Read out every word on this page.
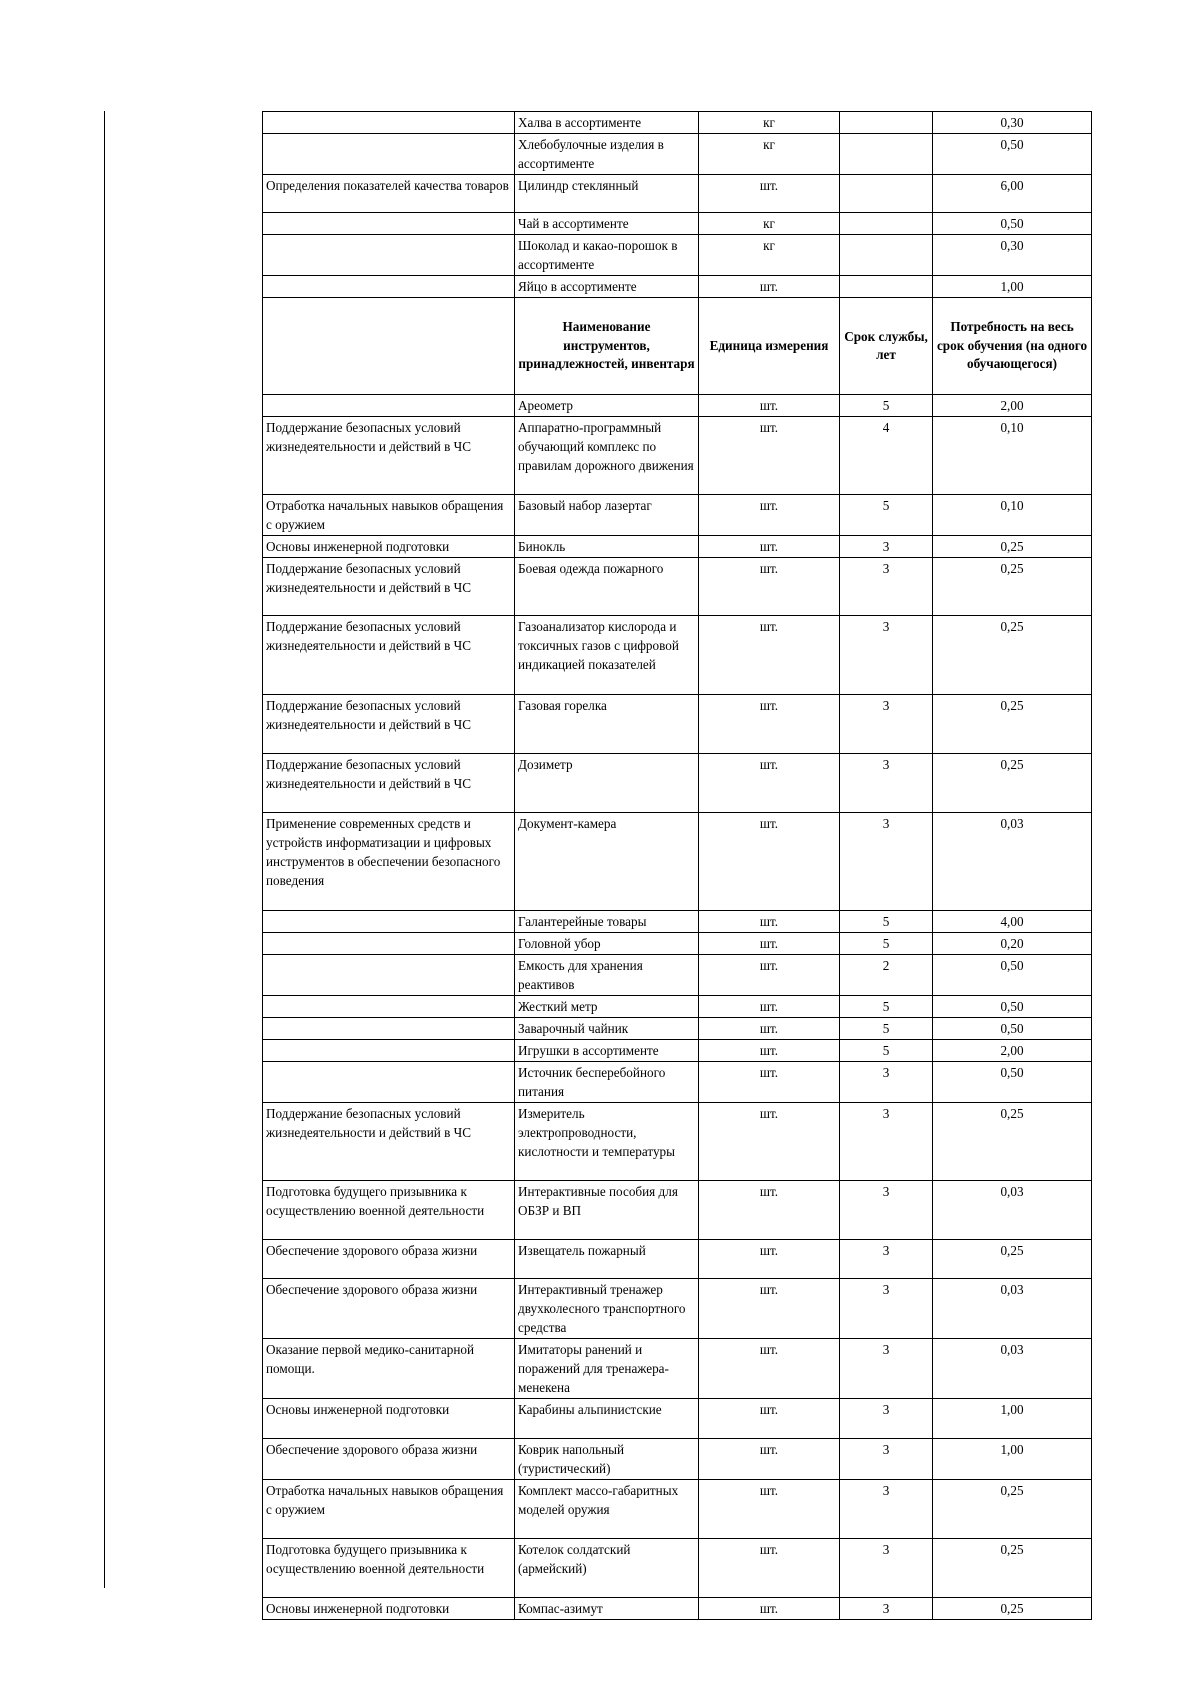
	Халва в ассортименте	кг		0,30
	Хлебобулочные изделия в ассортименте	кг		0,50
Определения показателей качества товаров	Цилиндр стеклянный	шт.		6,00
	Чай в ассортименте	кг		0,50
	Шоколад и какао-порошок в ассортименте	кг		0,30
	Яйцо в ассортименте	шт.		1,00
	Наименование инструментов, принадлежностей, инвентаря	Единица измерения	Срок службы, лет	Потребность на весь срок обучения (на одного обучающегося)
	Ареометр	шт.	5	2,00
Поддержание безопасных условий жизнедеятельности и действий в ЧС	Аппаратно-программный обучающий комплекс по правилам дорожного движения	шт.	4	0,10
Отработка начальных навыков обращения с оружием	Базовый набор лазертаг	шт.	5	0,10
Основы инженерной подготовки	Бинокль	шт.	3	0,25
Поддержание безопасных условий жизнедеятельности и действий в ЧС	Боевая одежда пожарного	шт.	3	0,25
Поддержание безопасных условий жизнедеятельности и действий в ЧС	Газоанализатор кислорода и токсичных газов с цифровой индикацией показателей	шт.	3	0,25
Поддержание безопасных условий жизнедеятельности и действий в ЧС	Газовая горелка	шт.	3	0,25
Поддержание безопасных условий жизнедеятельности и действий в ЧС	Дозиметр	шт.	3	0,25
Применение современных средств и устройств информатизации и цифровых инструментов в обеспечении безопасного поведения	Документ-камера	шт.	3	0,03
	Галантерейные товары	шт.	5	4,00
	Головной убор	шт.	5	0,20
	Емкость для хранения реактивов	шт.	2	0,50
	Жесткий метр	шт.	5	0,50
	Заварочный чайник	шт.	5	0,50
	Игрушки в ассортименте	шт.	5	2,00
	Источник бесперебойного питания	шт.	3	0,50
Поддержание безопасных условий жизнедеятельности и действий в ЧС	Измеритель электропроводности, кислотности и температуры	шт.	3	0,25
Подготовка будущего призывника к осуществлению военной деятельности	Интерактивные пособия для ОБЗР и ВП	шт.	3	0,03
Обеспечение здорового образа жизни	Извещатель пожарный	шт.	3	0,25
Обеспечение здорового образа жизни	Интерактивный тренажер двухколесного транспортного средства	шт.	3	0,03
Оказание первой медико-санитарной помощи.	Имитаторы ранений и поражений для тренажера-менекена	шт.	3	0,03
Основы инженерной подготовки	Карабины альпинистские	шт.	3	1,00
Обеспечение здорового образа жизни	Коврик напольный (туристический)	шт.	3	1,00
Отработка начальных навыков обращения с оружием	Комплект массо-габаритных моделей оружия	шт.	3	0,25
Подготовка будущего призывника к осуществлению военной деятельности	Котелок солдатский (армейский)	шт.	3	0,25
Основы инженерной подготовки	Компас-азимут	шт.	3	0,25
